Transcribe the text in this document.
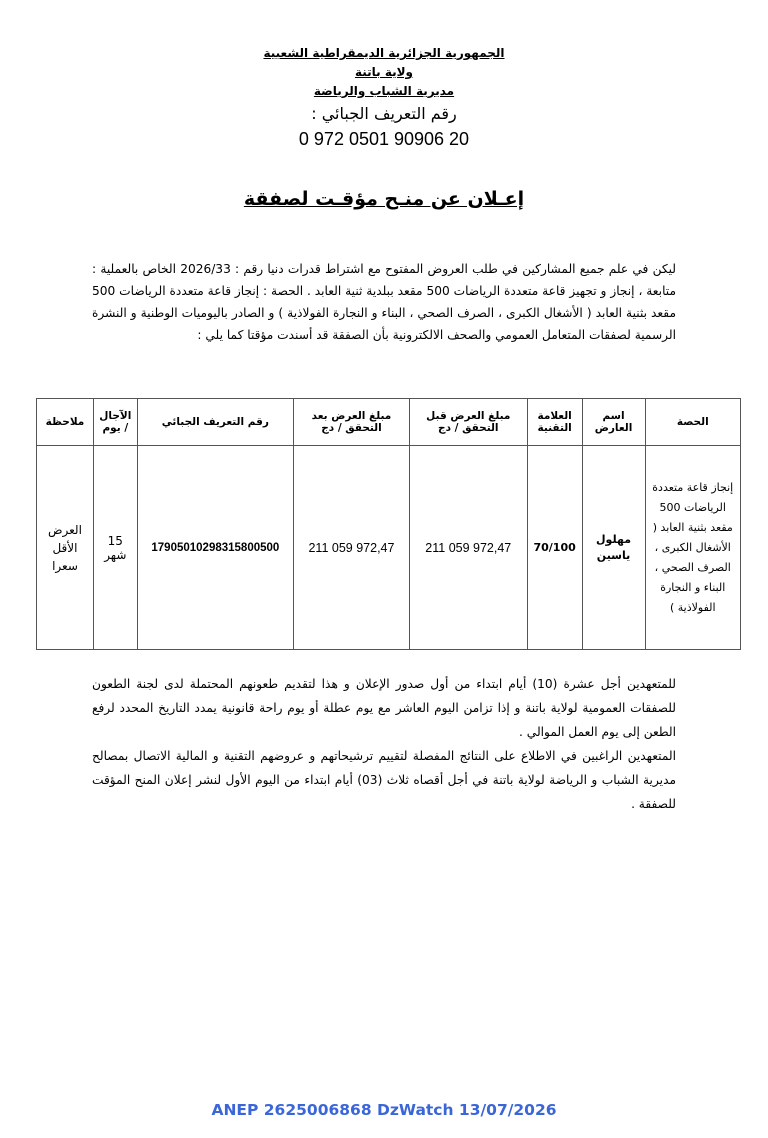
الجمهورية الجزائرية الديمقراطية الشعبية
ولاية باتنة
مديرية الشباب والرياضة
رقم التعريف الجبائي :
0 972 0501 90906 20
إعـلان عن منـح مؤقـت لصفقة
ليكن في علم جميع المشاركين في طلب العروض المفتوح مع اشتراط قدرات دنيا رقم : 2026/33 الخاص بالعملية : متابعة ، إنجاز و تجهيز قاعة متعددة الرياضات 500 مقعد ببلدية ثنية العابد . الحصة : إنجاز قاعة متعددة الرياضات 500 مقعد بثنية العابد ( الأشغال الكبرى ، الصرف الصحي ، البناء و النجارة الفولاذية ) و الصادر باليوميات الوطنية و النشرة الرسمية لصفقات المتعامل العمومي والصحف الالكترونية بأن الصفقة قد أسندت مؤقتا كما يلي :
الحصة	اسم العارض	العلامة التقنية	مبلغ العرض قبل التحقق / دج	مبلغ العرض بعد التحقق / دج	رقم التعريف الجبائي	الآجال / يوم	ملاحظة
إنجاز قاعة متعددة الرياضات 500 مقعد بثنية العابد ( الأشغال الكبرى ، الصرف الصحي ، البناء و النجارة الفولاذية )	مهلول ياسين	70/100	211 059 972,47	211 059 972,47	17905010298315800500	15 شهر	العرض الأقل سعرا

للمتعهدين أجل عشرة (10) أيام ابتداء من أول صدور الإعلان و هذا لتقديم طعونهم المحتملة لدى لجنة الطعون للصفقات العمومية لولاية باتنة و إذا تزامن اليوم العاشر مع يوم عطلة أو يوم راحة قانونية يمدد التاريخ المحدد لرفع الطعن إلى يوم العمل الموالي .

المتعهدين الراغبين في الاطلاع على النتائج المفصلة لتقييم ترشيحاتهم و عروضهم التقنية و المالية الاتصال بمصالح مديرية الشباب و الرياضة لولاية باتنة في أجل أقصاه ثلاث (03) أيام ابتداء من اليوم الأول لنشر إعلان المنح المؤقت للصفقة .

ANEP 2625006868 DzWatch 13/07/2026
